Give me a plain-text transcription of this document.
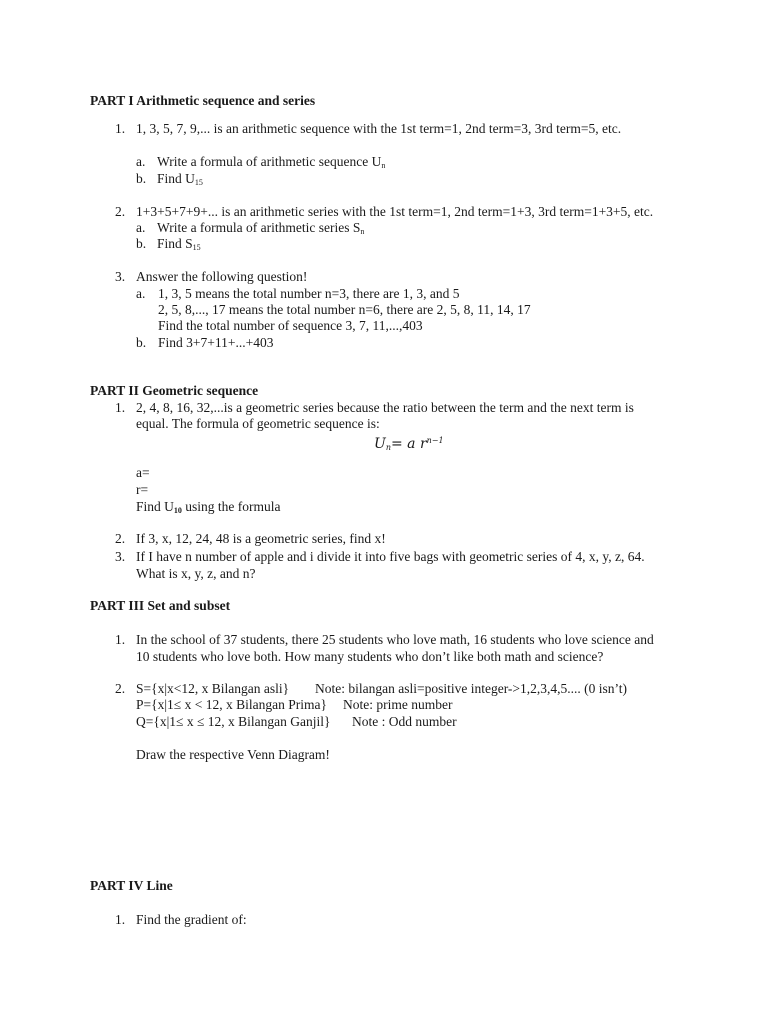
PART I Arithmetic sequence and series
1. 1, 3, 5, 7, 9,... is an arithmetic sequence with the 1st term=1, 2nd term=3, 3rd term=5, etc.
a. Write a formula of arithmetic sequence $U_n$
b. Find $U_{15}$
2. 1+3+5+7+9+... is an arithmetic series with the 1st term=1, 2nd term=1+3, 3rd term=1+3+5, etc.
a. Write a formula of arithmetic series $S_n$
b. Find $S_{15}$
3. Answer the following question!
a. 1, 3, 5 means the total number n=3, there are 1, 3, and 5
2, 5, 8,..., 17 means the total number n=6, there are 2, 5, 8, 11, 14, 17
Find the total number of sequence 3, 7, 11,...,403
b. Find 3+7+11+...+403
PART II Geometric sequence
1. 2, 4, 8, 16, 32,...is a geometric series because the ratio between the term and the next term is
equal. The formula of geometric sequence is:
$U_n= a$ $r^{n-1}$
a=
r=
Find $U_{10}$ using the formula
2. If 3, x, 12, 24, 48 is a geometric series, find x!
3. If I have n number of apple and i divide it into five bags with geometric series of 4, x, y, z, 64.
What is x, y, z, and n?
PART III Set and subset
1. In the school of 37 students, there 25 students who love math, 16 students who love science and
10 students who love both. How many students who don’t like both math and science?
2. S={x|x<12, x Bilangan asli} Note: bilangan asli=positive integer->1,2,3,4,5.... (0 isn’t)
P={x|1≤ x < 12, x Bilangan Prima} Note: prime number
Q={x|1≤ x ≤ 12, x Bilangan Ganjil} Note : Odd number
Draw the respective Venn Diagram!
PART IV Line
1. Find the gradient of:
